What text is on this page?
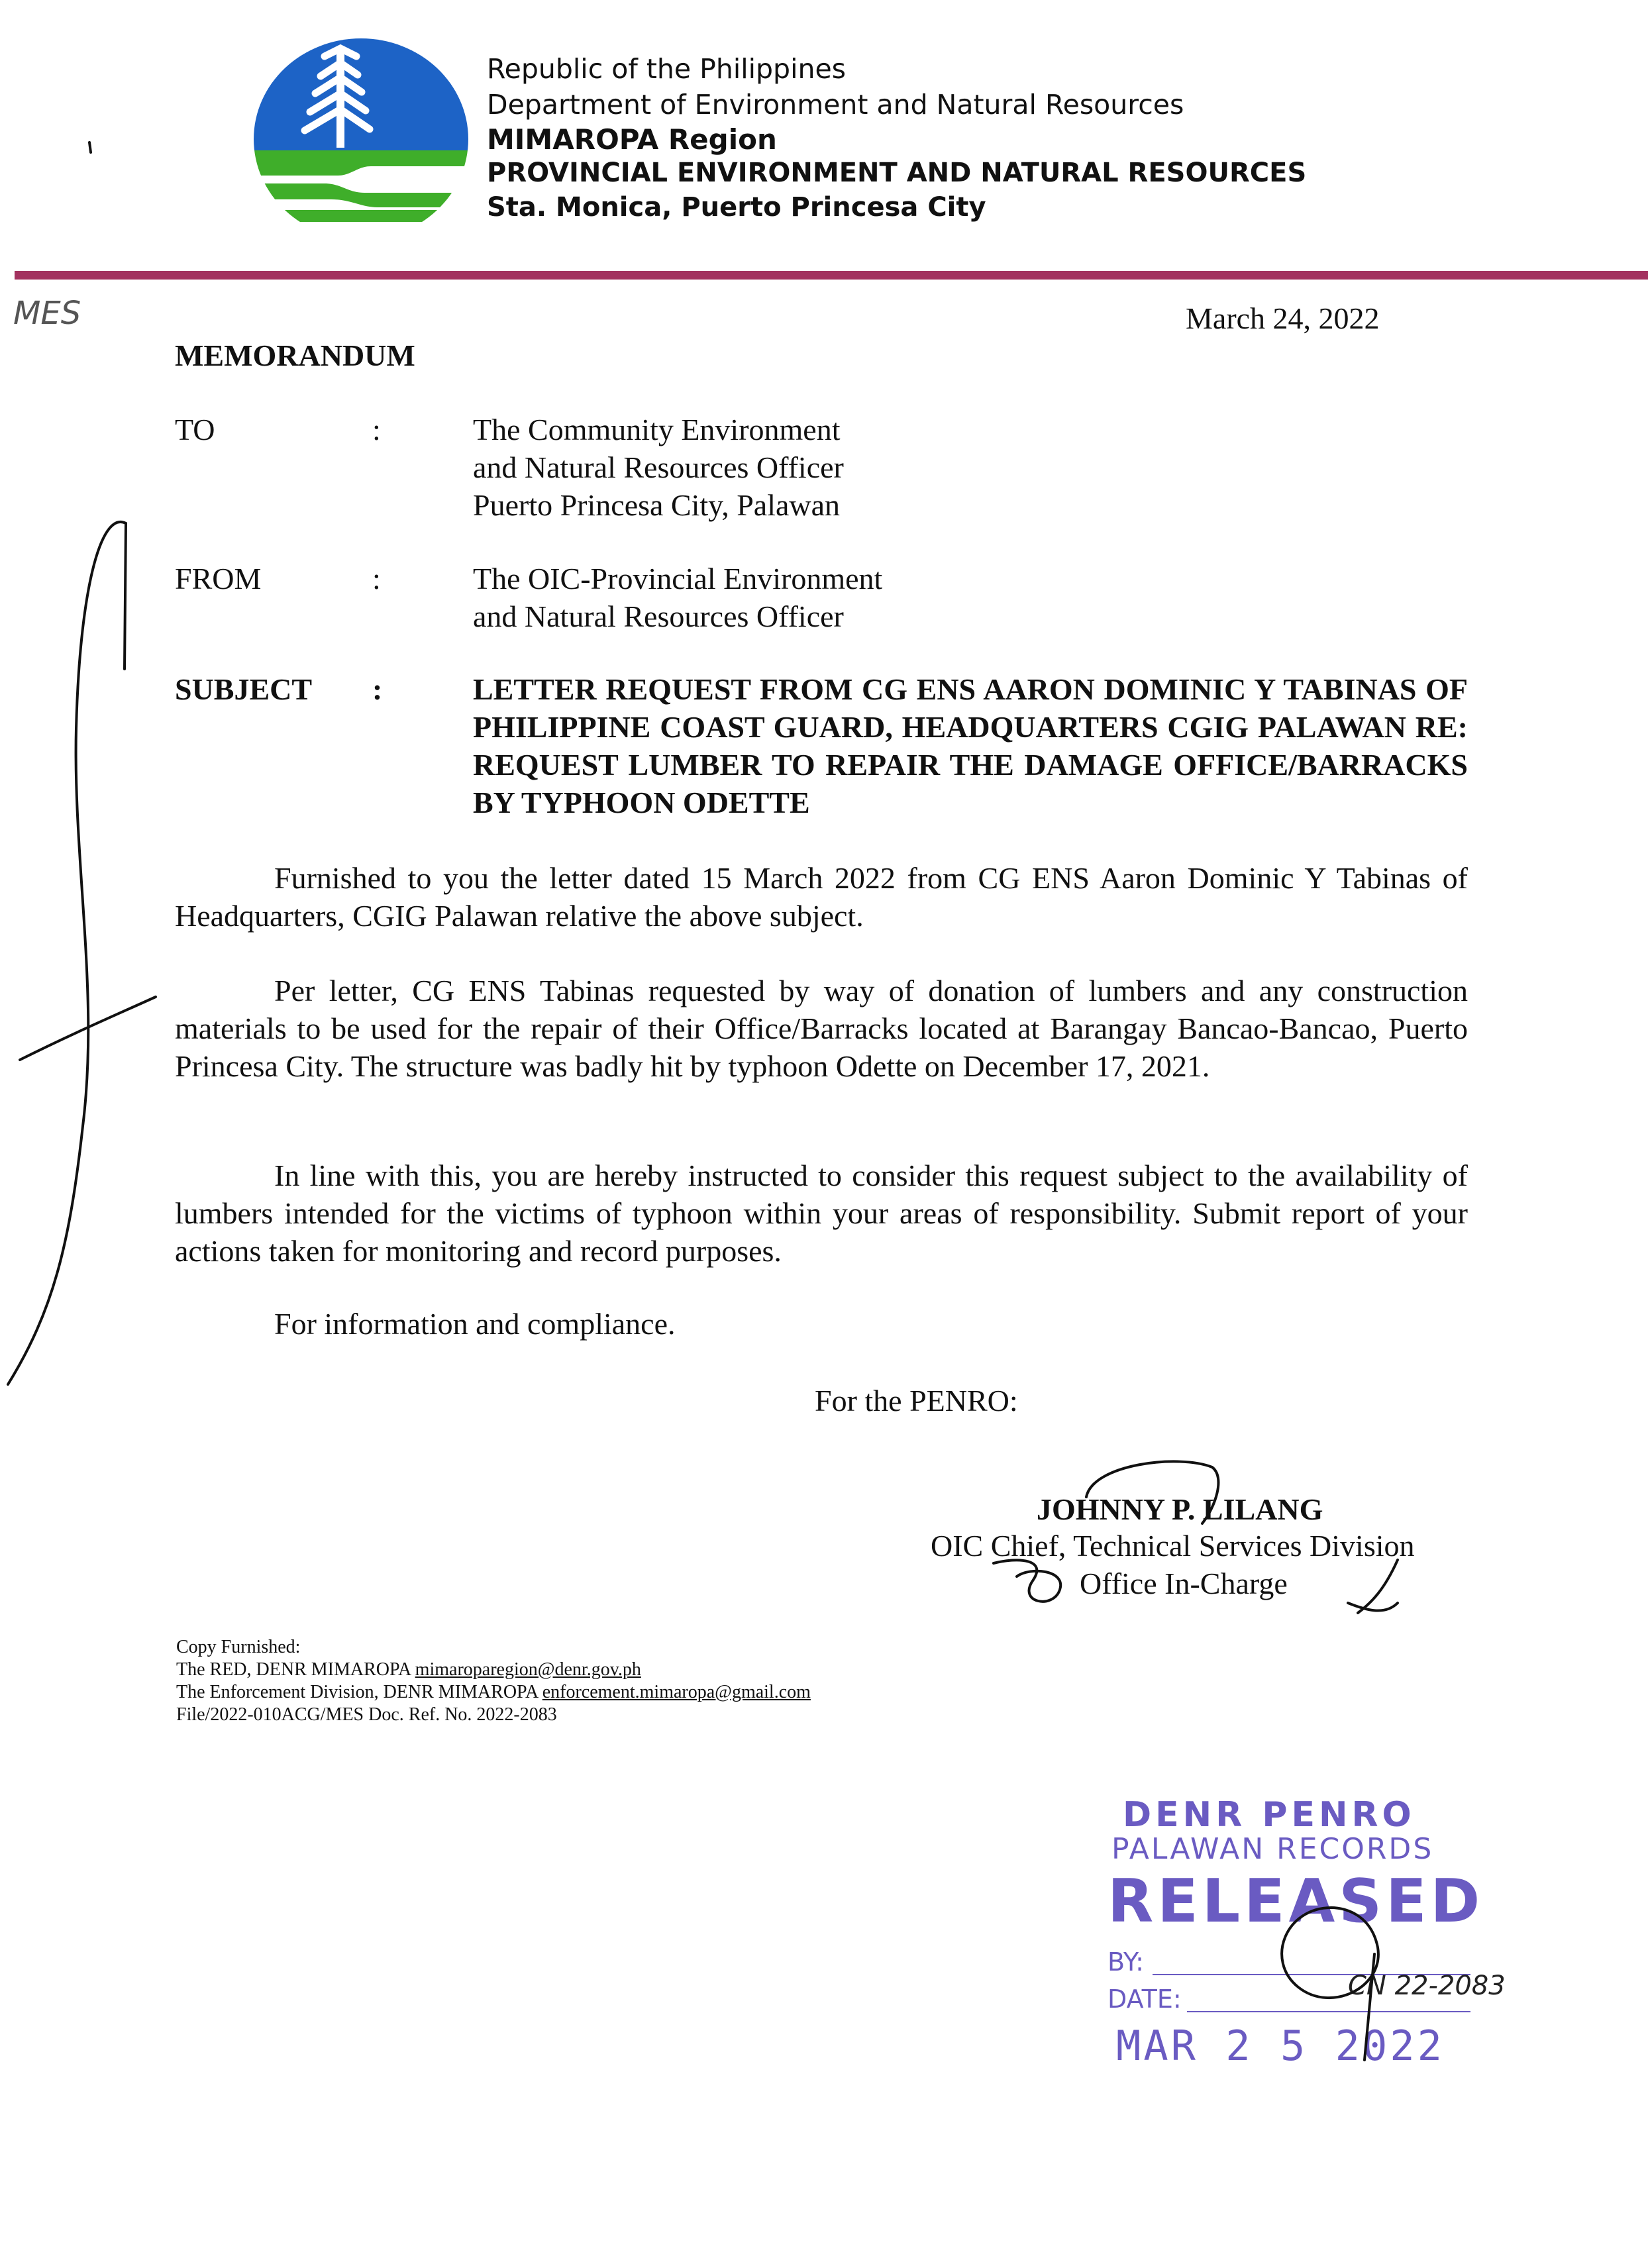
Republic of the Philippines
Department of Environment and Natural Resources
MIMAROPA Region
PROVINCIAL ENVIRONMENT AND NATURAL RESOURCES
Sta. Monica, Puerto Princesa City
March 24, 2022
MEMORANDUM
TO	:	The Community Environment
and Natural Resources Officer
Puerto Princesa City, Palawan
FROM	:	The OIC-Provincial Environment
and Natural Resources Officer
SUBJECT :	LETTER REQUEST FROM CG ENS AARON DOMINIC Y TABINAS OF PHILIPPINE COAST GUARD, HEADQUARTERS CGIG PALAWAN RE: REQUEST LUMBER TO REPAIR THE DAMAGE OFFICE/BARRACKS BY TYPHOON ODETTE
Furnished to you the letter dated 15 March 2022 from CG ENS Aaron Dominic Y Tabinas of Headquarters, CGIG Palawan relative the above subject.
Per letter, CG ENS Tabinas requested by way of donation of lumbers and any construction materials to be used for the repair of their Office/Barracks located at Barangay Bancao-Bancao, Puerto Princesa City. The structure was badly hit by typhoon Odette on December 17, 2021.
In line with this, you are hereby instructed to consider this request subject to the availability of lumbers intended for the victims of typhoon within your areas of responsibility. Submit report of your actions taken for monitoring and record purposes.
For information and compliance.
For the PENRO:
JOHNNY P. LILANG
OIC Chief, Technical Services Division
Office In-Charge
Copy Furnished:
The RED, DENR MIMAROPA mimaroparegion@denr.gov.ph
The Enforcement Division, DENR MIMAROPA enforcement.mimaropa@gmail.com
File/2022-010ACG/MES Doc. Ref. No. 2022-2083
DENR PENRO
PALAWAN RECORDS
RELEASED
BY:
DATE:
MAR 2 5 2022
MES
CN 22-2083
